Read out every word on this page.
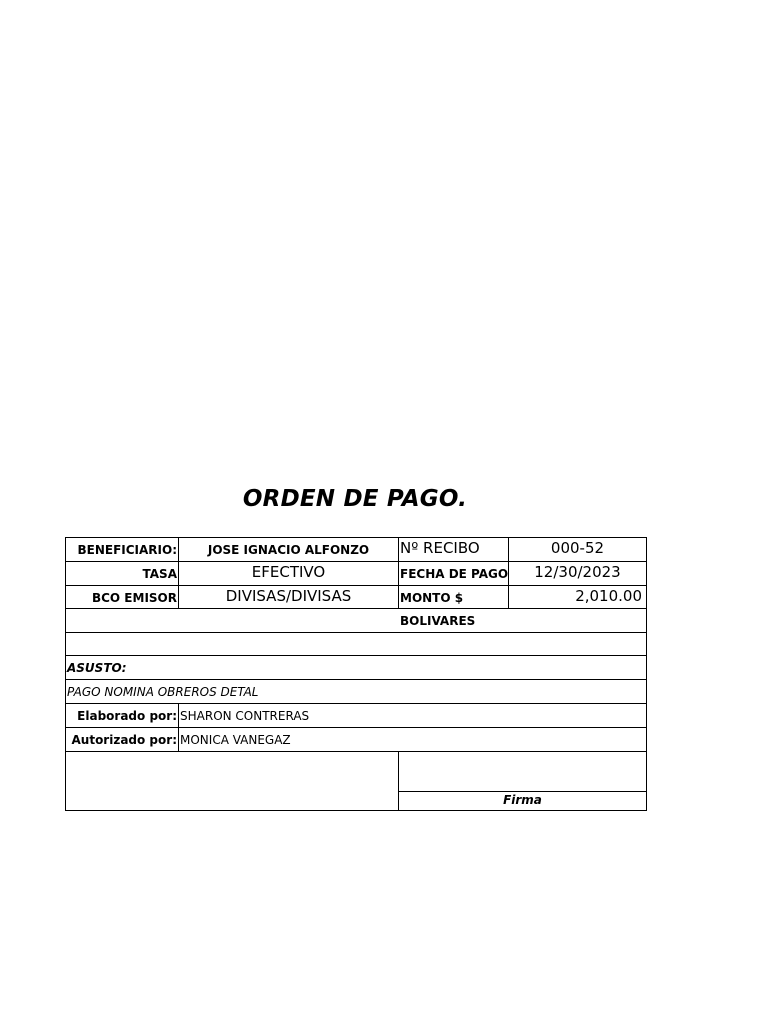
ORDEN DE PAGO.
BENEFICIARIO:	JOSE IGNACIO ALFONZO	Nº RECIBO	000-52
TASA	EFECTIVO	FECHA DE PAGO	12/30/2023
BCO EMISOR	DIVISAS/DIVISAS	MONTO $	2,010.00
BOLIVARES
ASUSTO:
PAGO NOMINA OBREROS DETAL
Elaborado por: SHARON CONTRERAS
Autorizado por: MONICA VANEGAZ
Firma
